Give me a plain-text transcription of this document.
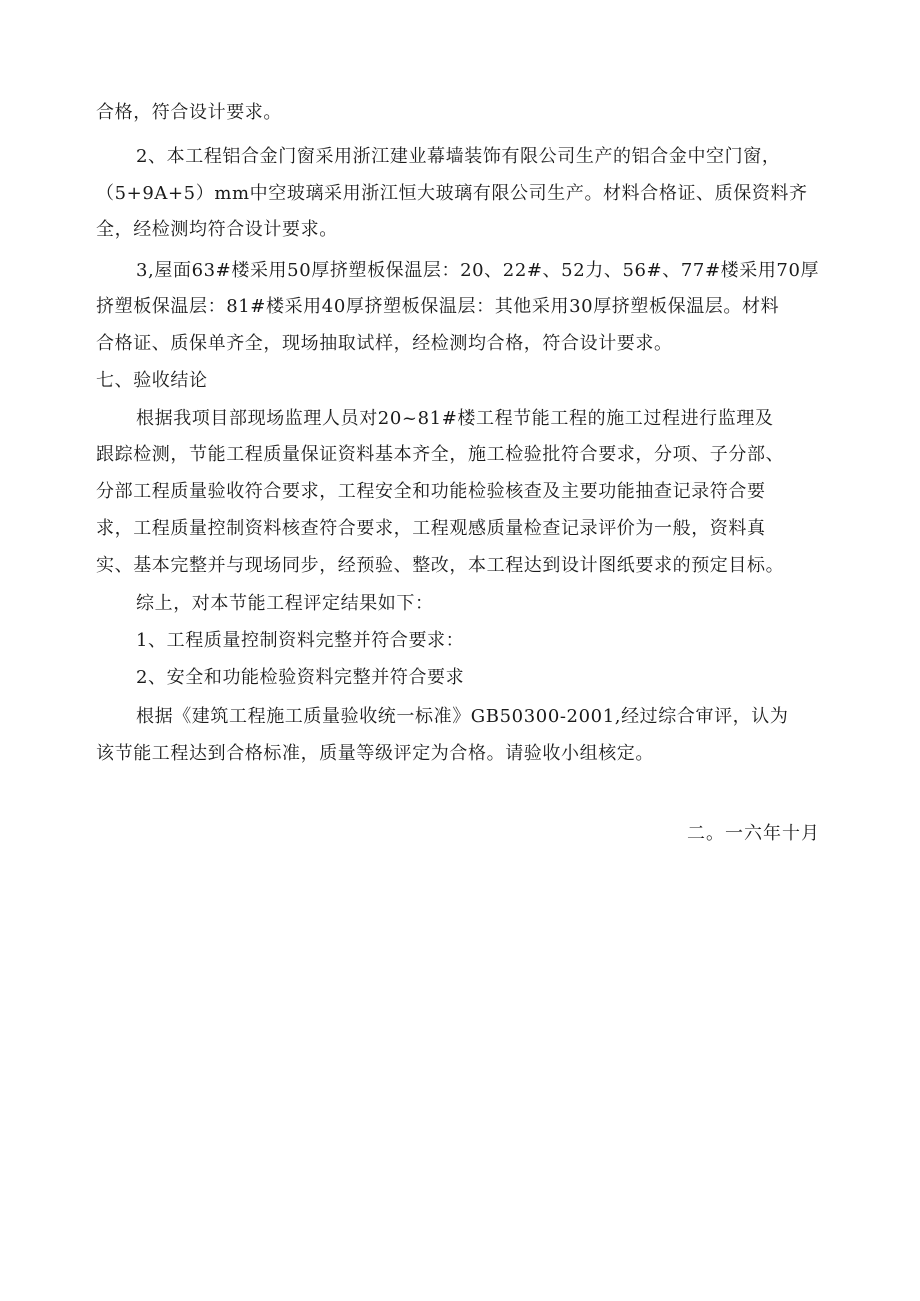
合格，符合设计要求。
2、本工程铝合金门窗采用浙江建业幕墙装饰有限公司生产的铝合金中空门窗，
（5+9A+5）mm中空玻璃采用浙江恒大玻璃有限公司生产。材料合格证、质保资料齐
全，经检测均符合设计要求。
3,屋面63#楼采用50厚挤塑板保温层：20、22#、52力、56#、77#楼采用70厚
挤塑板保温层：81#楼采用40厚挤塑板保温层：其他采用30厚挤塑板保温层。材料
合格证、质保单齐全，现场抽取试样，经检测均合格，符合设计要求。
七、验收结论
根据我项目部现场监理人员对20~81#楼工程节能工程的施工过程进行监理及
跟踪检测，节能工程质量保证资料基本齐全，施工检验批符合要求，分项、子分部、
分部工程质量验收符合要求，工程安全和功能检验核查及主要功能抽查记录符合要
求，工程质量控制资料核查符合要求，工程观感质量检查记录评价为一般，资料真
实、基本完整并与现场同步，经预验、整改，本工程达到设计图纸要求的预定目标。
综上，对本节能工程评定结果如下：
1、工程质量控制资料完整并符合要求：
2、安全和功能检验资料完整并符合要求
根据《建筑工程施工质量验收统一标准》GB50300-2001,经过综合审评，认为
该节能工程达到合格标准，质量等级评定为合格。请验收小组核定。
二。一六年十月
